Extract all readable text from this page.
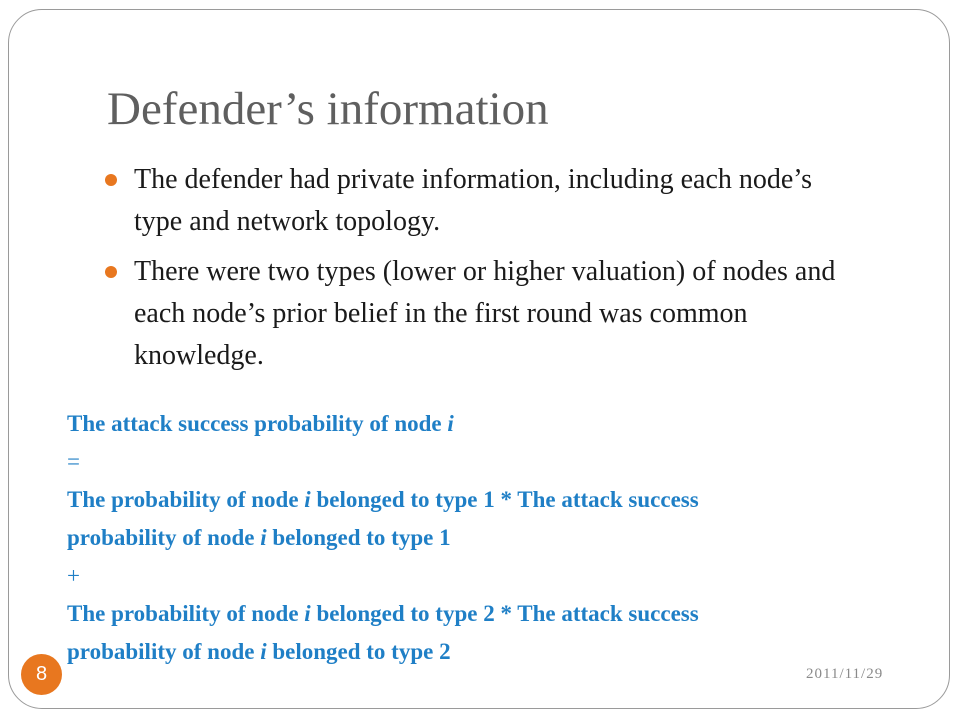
Defender’s information
The defender had private information, including each node’s type and network topology.
There were two types (lower or higher valuation) of nodes and each node’s prior belief in the first round was common knowledge.
The attack success probability of node i
=
The probability of node i belonged to type 1 * The attack success
probability of node i belonged to type 1
+
The probability of node i belonged to type 2 * The attack success
probability of node i belonged to type 2
8	2011/11/29
